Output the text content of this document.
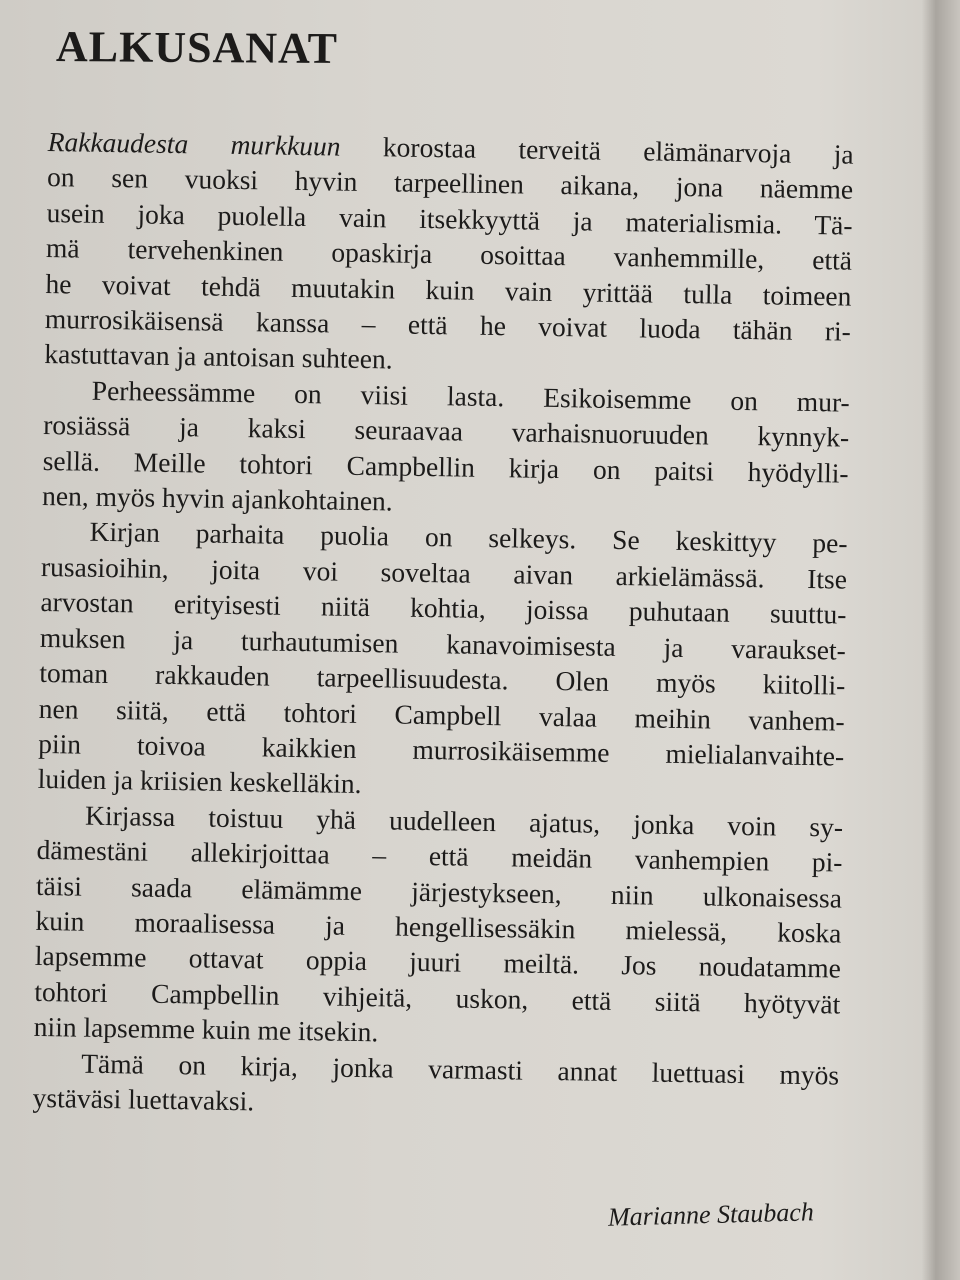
ALKUSANAT
Rakkaudesta murkkuun korostaa terveitä elämänarvoja ja
on sen vuoksi hyvin tarpeellinen aikana, jona näemme
usein joka puolella vain itsekkyyttä ja materialismia. Tä-
mä tervehenkinen opaskirja osoittaa vanhemmille, että
he voivat tehdä muutakin kuin vain yrittää tulla toimeen
murrosikäisensä kanssa – että he voivat luoda tähän ri-
kastuttavan ja antoisan suhteen.
Perheessämme on viisi lasta. Esikoisemme on mur-
rosiässä ja kaksi seuraavaa varhaisnuoruuden kynnyk-
sellä. Meille tohtori Campbellin kirja on paitsi hyödylli-
nen, myös hyvin ajankohtainen.
Kirjan parhaita puolia on selkeys. Se keskittyy pe-
rusasioihin, joita voi soveltaa aivan arkielämässä. Itse
arvostan erityisesti niitä kohtia, joissa puhutaan suuttu-
muksen ja turhautumisen kanavoimisesta ja varaukset-
toman rakkauden tarpeellisuudesta. Olen myös kiitolli-
nen siitä, että tohtori Campbell valaa meihin vanhem-
piin toivoa kaikkien murrosikäisemme mielialanvaihte-
luiden ja kriisien keskelläkin.
Kirjassa toistuu yhä uudelleen ajatus, jonka voin sy-
dämestäni allekirjoittaa – että meidän vanhempien pi-
täisi saada elämämme järjestykseen, niin ulkonaisessa
kuin moraalisessa ja hengellisessäkin mielessä, koska
lapsemme ottavat oppia juuri meiltä. Jos noudatamme
tohtori Campbellin vihjeitä, uskon, että siitä hyötyvät
niin lapsemme kuin me itsekin.
Tämä on kirja, jonka varmasti annat luettuasi myös
ystäväsi luettavaksi.
Marianne Staubach
